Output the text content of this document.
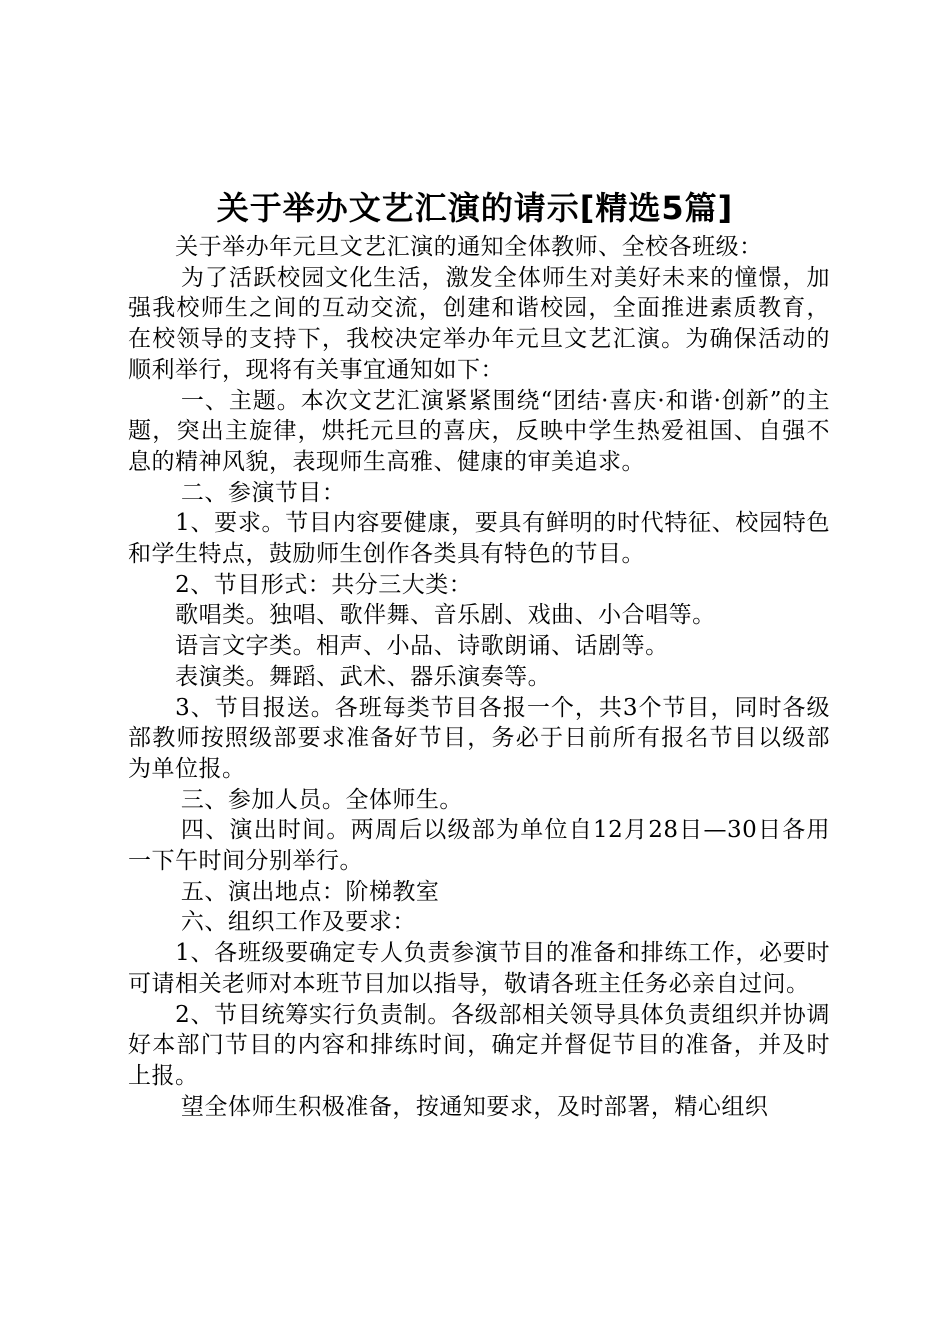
关于举办文艺汇演的请示[精选5篇]

关于举办年元旦文艺汇演的通知全体教师、全校各班级：

为了活跃校园文化生活，激发全体师生对美好未来的憧憬，加强我校师生之间的互动交流，创建和谐校园，全面推进素质教育，在校领导的支持下，我校决定举办年元旦文艺汇演。为确保活动的顺利举行，现将有关事宜通知如下：

一、主题。本次文艺汇演紧紧围绕“团结·喜庆·和谐·创新”的主题，突出主旋律，烘托元旦的喜庆，反映中学生热爱祖国、自强不息的精神风貌，表现师生高雅、健康的审美追求。

二、参演节目：

1、要求。节目内容要健康，要具有鲜明的时代特征、校园特色和学生特点，鼓励师生创作各类具有特色的节目。

2、节目形式：共分三大类：

歌唱类。独唱、歌伴舞、音乐剧、戏曲、小合唱等。

语言文字类。相声、小品、诗歌朗诵、话剧等。

表演类。舞蹈、武术、器乐演奏等。

3、节目报送。各班每类节目各报一个，共3个节目，同时各级部教师按照级部要求准备好节目，务必于日前所有报名节目以级部为单位报。

三、参加人员。全体师生。

四、演出时间。两周后以级部为单位自12月28日—30日各用一下午时间分别举行。

五、演出地点：阶梯教室

六、组织工作及要求：

1、各班级要确定专人负责参演节目的准备和排练工作，必要时可请相关老师对本班节目加以指导，敬请各班主任务必亲自过问。

2、节目统筹实行负责制。各级部相关领导具体负责组织并协调好本部门节目的内容和排练时间，确定并督促节目的准备，并及时上报。

望全体师生积极准备，按通知要求，及时部署，精心组织
